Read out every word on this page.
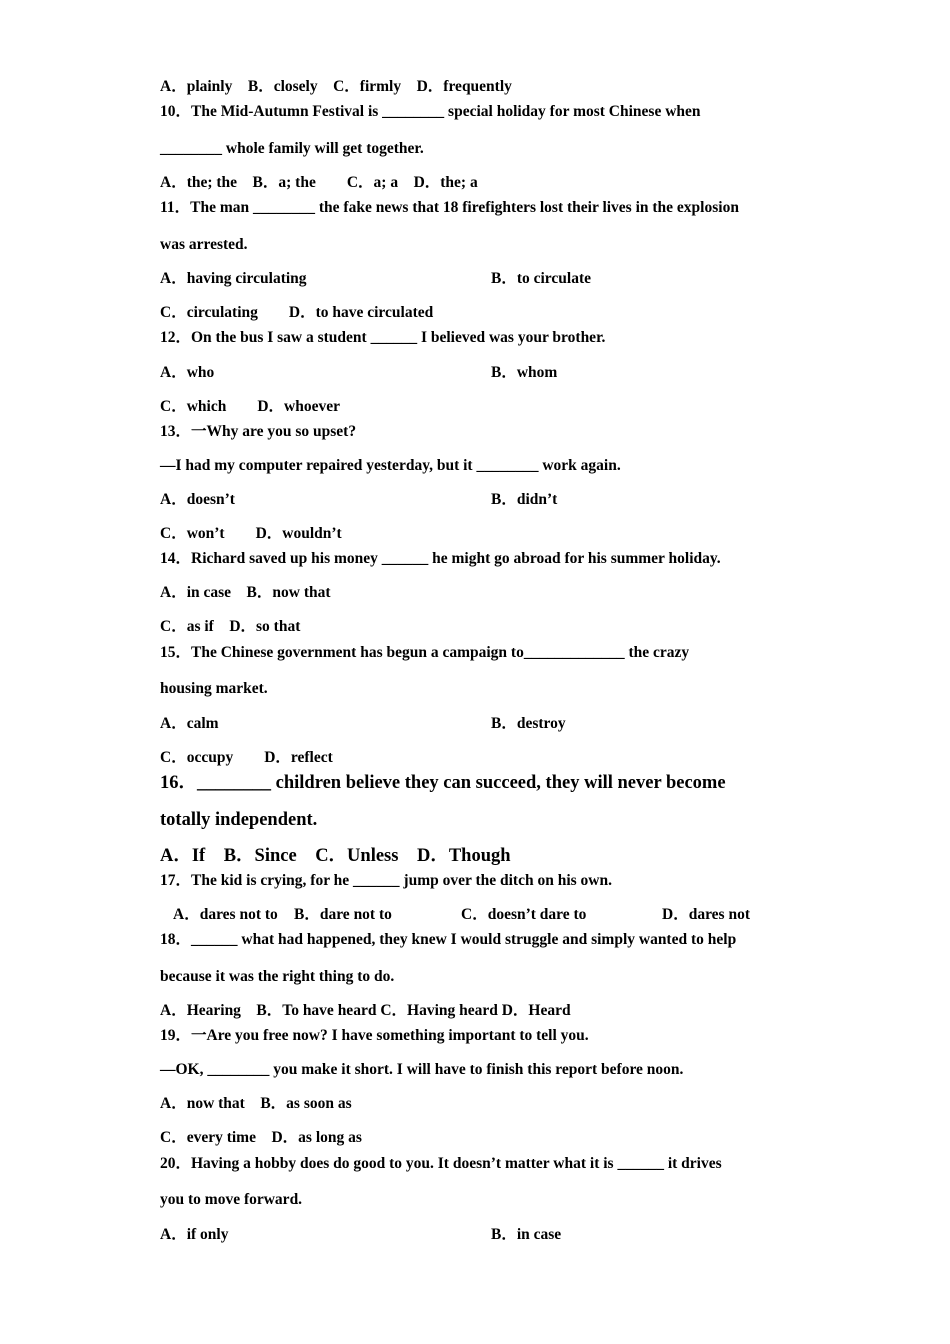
A．plainly　B．closely　C．firmly　D．frequently
10．The Mid-Autumn Festival is ________ special holiday for most Chinese when
________ whole family will get together.
A．the; the　B．a; the　　C．a; a　D．the; a
11．The man ________ the fake news that 18 firefighters lost their lives in the explosion
was arrested.
A．having circulating	B．to circulate
C．circulating　　D．to have circulated
12．On the bus I saw a student ______ I believed was your brother.
A．who	B．whom
C．which　　D．whoever
13．一Why are you so upset?
—I had my computer repaired yesterday, but it ________ work again.
A．doesn’t	B．didn’t
C．won’t　　D．wouldn’t
14．Richard saved up his money ______ he might go abroad for his summer holiday.
A．in case　B．now that
C．as if　D．so that
15．The Chinese government has begun a campaign to_____________ the crazy
housing market.
A．calm	B．destroy
C．occupy　　D．reflect
16．________ children believe they can succeed, they will never become
totally independent.
A．If　B．Since　C．Unless　D．Though
17．The kid is crying, for he ______ jump over the ditch on his own.
A．dares not to B．dare not to	C．doesn’t dare to	D．dares not
18．______ what had happened, they knew I would struggle and simply wanted to help
because it was the right thing to do.
A．Hearing　B．To have heard C．Having heard D．Heard
19．一Are you free now? I have something important to tell you.
—OK, ________ you make it short. I will have to finish this report before noon.
A．now that　B．as soon as
C．every time　D．as long as
20．Having a hobby does do good to you. It doesn’t matter what it is ______ it drives
you to move forward.
A．if only	B．in case
